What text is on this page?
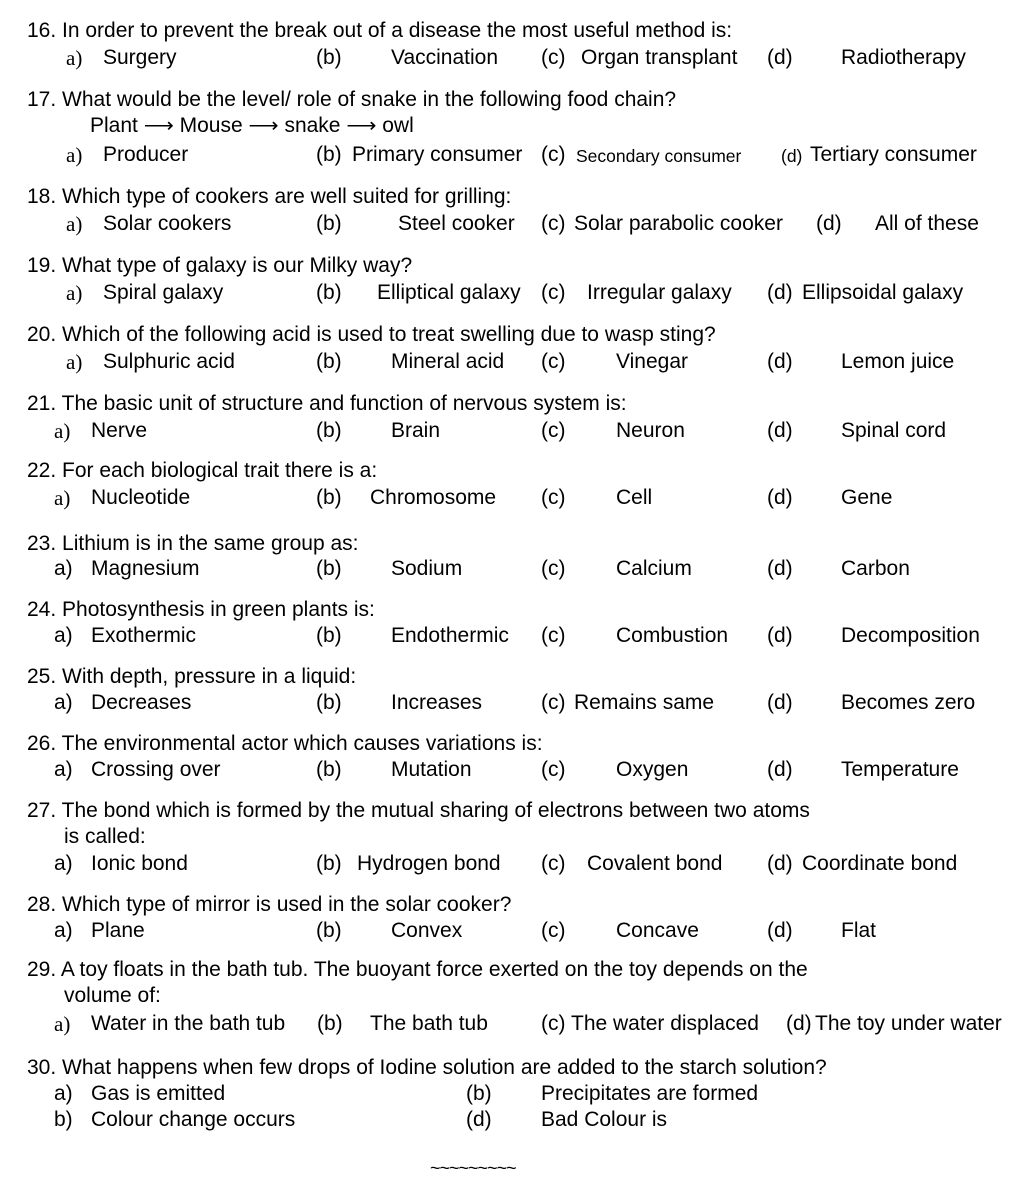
16. In order to prevent the break out of a disease the most useful method is:
a) Surgery	(b) Vaccination (c) Organ transplant (d) Radiotherapy
17. What would be the level/ role of snake in the following food chain?
Plant ⟶ Mouse ⟶ snake ⟶ owl
a) Producer	(b) Primary consumer (c) Secondary consumer (d) Tertiary consumer
18. Which type of cookers are well suited for grilling:
a) Solar cookers	(b)	Steel cooker (c) Solar parabolic cooker (d) All of these
19. What type of galaxy is our Milky way?
a) Spiral galaxy	(b) Elliptical galaxy (c) Irregular galaxy (d) Ellipsoidal galaxy
20. Which of the following acid is used to treat swelling due to wasp sting?
a) Sulphuric acid	(b) Mineral acid (c) Vinegar	(d) Lemon juice
21. The basic unit of structure and function of nervous system is:
a) Nerve	(b) Brain	(c) Neuron	(d) Spinal cord
22. For each biological trait there is a:
a) Nucleotide	(b) Chromosome (c) Cell	(d) Gene
23. Lithium is in the same group as:
a) Magnesium	(b) Sodium	(c) Calcium	(d) Carbon
24. Photosynthesis in green plants is:
a) Exothermic	(b) Endothermic (c) Combustion (d) Decomposition
25. With depth, pressure in a liquid:
a) Decreases	(b) Increases	(c) Remains same	(d) Becomes zero
26. The environmental actor which causes variations is:
a) Crossing over	(b) Mutation	(c) Oxygen	(d) Temperature
27. The bond which is formed by the mutual sharing of electrons between two atoms
is called:
a) Ionic bond	(b) Hydrogen bond (c) Covalent bond (d) Coordinate bond
28. Which type of mirror is used in the solar cooker?
a) Plane	(b) Convex	(c) Concave	(d) Flat
29. A toy floats in the bath tub. The buoyant force exerted on the toy depends on the
volume of:
a) Water in the bath tub (b) The bath tub	(c) The water displaced (d) The toy under water
30. What happens when few drops of Iodine solution are added to the starch solution?
a) Gas is emitted	(b) Precipitates are formed
b) Colour change occurs	(d) Bad Colour is
~~~~~~~~~
